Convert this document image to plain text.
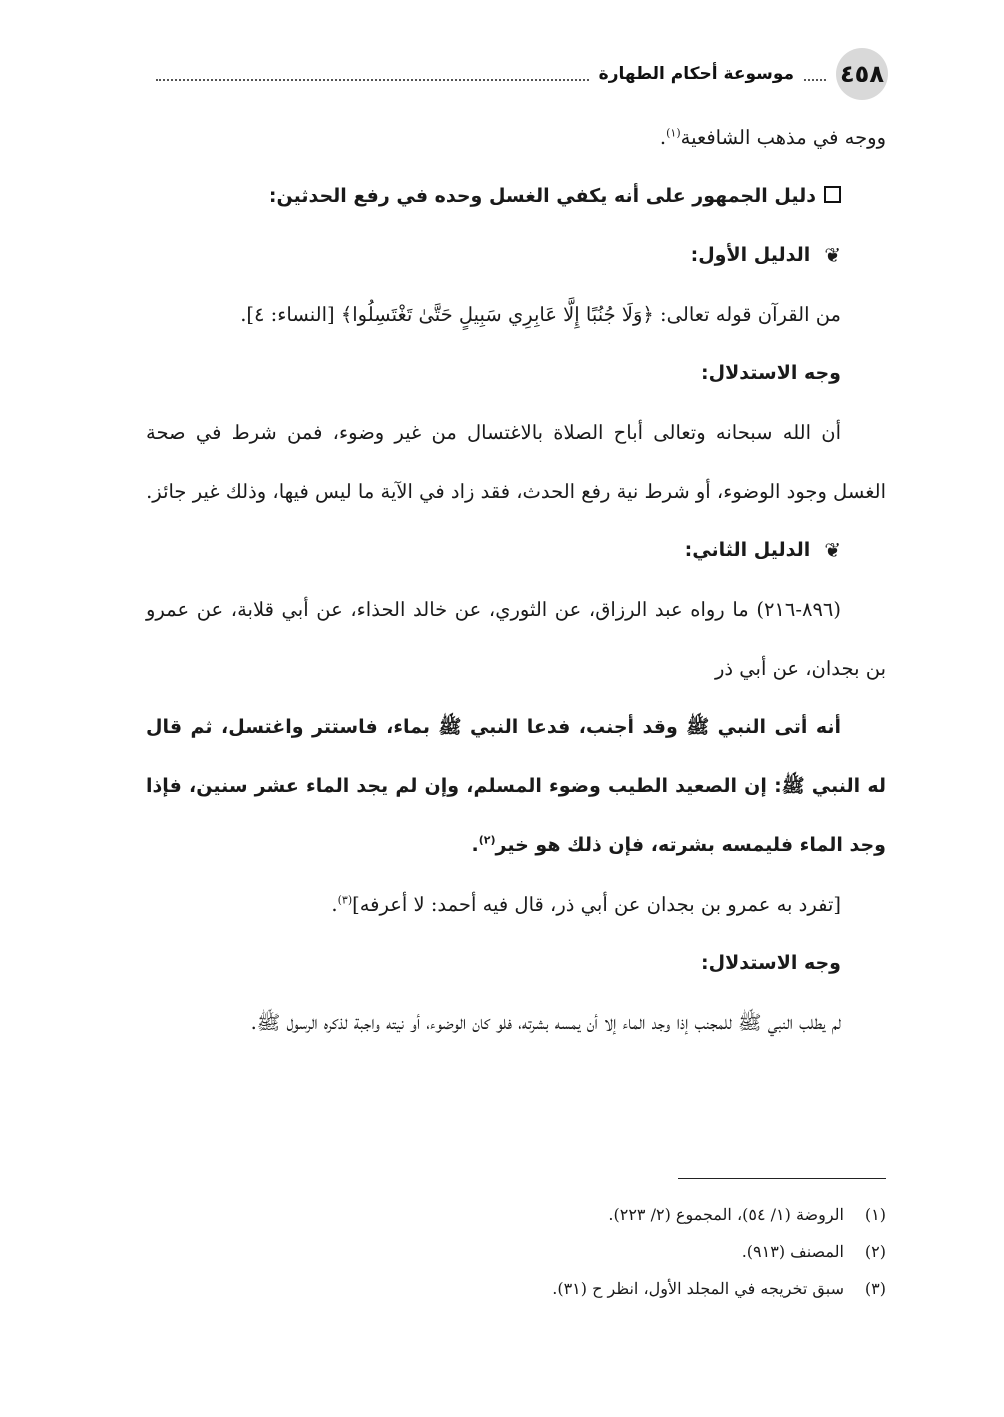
٤٥٨
موسوعة أحكام الطهارة

ووجه في مذهب الشافعية$^{(١)}$.

دليل الجمهور على أنه يكفي الغسل وحده في رفع الحدثين:

❦الدليل الأول:

من القرآن قوله تعالى: ﴿وَلَا جُنُبًا إِلَّا عَابِرِي سَبِيلٍ حَتَّىٰ تَغْتَسِلُوا﴾ [النساء: ٤].

وجه الاستدلال:

أن الله سبحانه وتعالى أباح الصلاة بالاغتسال من غير وضوء، فمن شرط في صحة الغسل وجود الوضوء، أو شرط نية رفع الحدث، فقد زاد في الآية ما ليس فيها، وذلك غير جائز.

❦الدليل الثاني:

(٨٩٦-٢١٦) ما رواه عبد الرزاق، عن الثوري، عن خالد الحذاء، عن أبي قلابة، عن عمرو بن بجدان، عن أبي ذر

أنه أتى النبي ﷺ وقد أجنب، فدعا النبي ﷺ بماء، فاستتر واغتسل، ثم قال له النبي ﷺ: إن الصعيد الطيب وضوء المسلم، وإن لم يجد الماء عشر سنين، فإذا وجد الماء فليمسه بشرته، فإن ذلك هو خير$^{(٢)}$.

[تفرد به عمرو بن بجدان عن أبي ذر، قال فيه أحمد: لا أعرفه]$^{(٣)}$.

وجه الاستدلال:

لم يطلب النبي ﷺ للمجنب إذا وجد الماء إلا أن يمسه بشرته، فلو كان الوضوء، أو نيته واجبة لذكره الرسول ﷺ.

(١)
الروضة (١/ ٥٤)، المجموع (٢/ ٢٢٣).
(٢)
المصنف (٩١٣).
(٣)
سبق تخريجه في المجلد الأول، انظر ح (٣١).
